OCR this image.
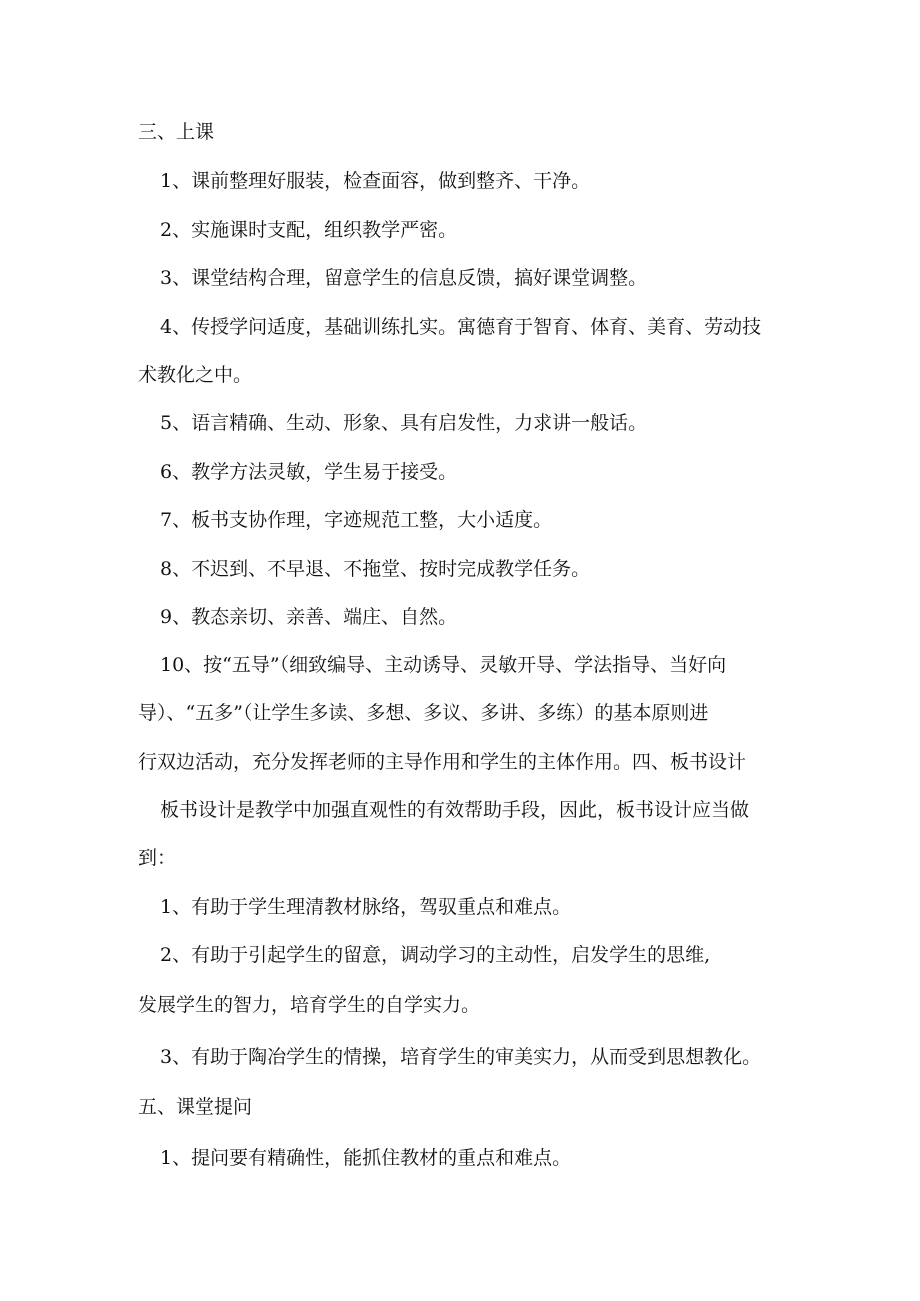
三、上课

1、课前整理好服装，检查面容，做到整齐、干净。

2、实施课时支配，组织教学严密。

3、课堂结构合理，留意学生的信息反馈，搞好课堂调整。

4、传授学问适度，基础训练扎实。寓德育于智育、体育、美育、劳动技

术教化之中。

5、语言精确、生动、形象、具有启发性，力求讲一般话。

6、教学方法灵敏，学生易于接受。

7、板书支协作理，字迹规范工整，大小适度。

8、不迟到、不早退、不拖堂、按时完成教学任务。

9、教态亲切、亲善、端庄、自然。

10、按“五导”（细致编导、主动诱导、灵敏开导、学法指导、当好向

导）、“五多”（让学生多读、多想、多议、多讲、多练）的基本原则进

行双边活动，充分发挥老师的主导作用和学生的主体作用。四、板书设计

板书设计是教学中加强直观性的有效帮助手段，因此，板书设计应当做

到：

1、有助于学生理清教材脉络，驾驭重点和难点。

2、有助于引起学生的留意，调动学习的主动性，启发学生的思维,

发展学生的智力，培育学生的自学实力。

3、有助于陶冶学生的情操，培育学生的审美实力，从而受到思想教化。

五、课堂提问

1、提问要有精确性，能抓住教材的重点和难点。
